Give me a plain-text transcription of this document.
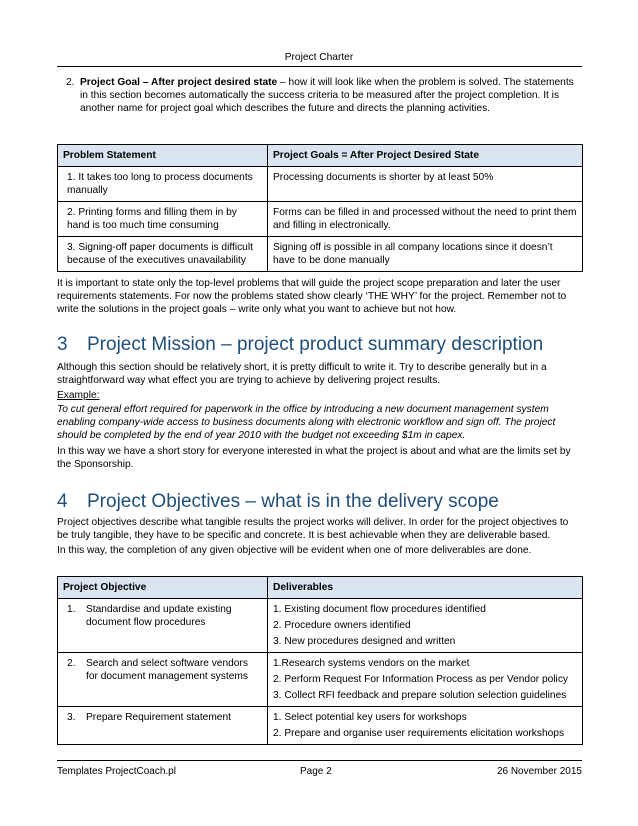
Project Charter
2. Project Goal – After project desired state – how it will look like when the problem is solved. The statements in this section becomes automatically the success criteria to be measured after the project completion. It is another name for project goal which describes the future and directs the planning activities.
Problem Statement	Project Goals = After Project Desired State
1. It takes too long to process documents manually	Processing documents is shorter by at least 50%
2. Printing forms and filling them in by hand is too much time consuming	Forms can be filled in and processed without the need to print them and filling in electronically.
3. Signing-off paper documents is difficult because of the executives unavailability	Signing off is possible in all company locations since it doesn’t have to be done manually
It is important to state only the top-level problems that will guide the project scope preparation and later the user requirements statements. For now the problems stated show clearly ‘THE WHY’ for the project. Remember not to write the solutions in the project goals – write only what you want to achieve but not how.
3 Project Mission – project product summary description
Although this section should be relatively short, it is pretty difficult to write it. Try to describe generally but in a straightforward way what effect you are trying to achieve by delivering project results.
Example:
To cut general effort required for paperwork in the office by introducing a new document management system enabling company-wide access to business documents along with electronic workflow and sign off. The project should be completed by the end of year 2010 with the budget not exceeding $1m in capex.
In this way we have a short story for everyone interested in what the project is about and what are the limits set by the Sponsorship.
4 Project Objectives – what is in the delivery scope
Project objectives describe what tangible results the project works will deliver. In order for the project objectives to be truly tangible, they have to be specific and concrete. It is best achievable when they are deliverable based.
In this way, the completion of any given objective will be evident when one of more deliverables are done.
Project Objective	Deliverables

1. Standardise and update existing document flow procedures	1. Existing document flow procedures identified
2. Procedure owners identified
3. New procedures designed and written

2. Search and select software vendors for document management systems	1.Research systems vendors on the market
2. Perform Request For Information Process as per Vendor policy
3. Collect RFI feedback and prepare solution selection guidelines

3. Prepare Requirement statement	1. Select potential key users for workshops
2. Prepare and organise user requirements elicitation workshops
Templates ProjectCoach.pl	Page 2	26 November 2015
